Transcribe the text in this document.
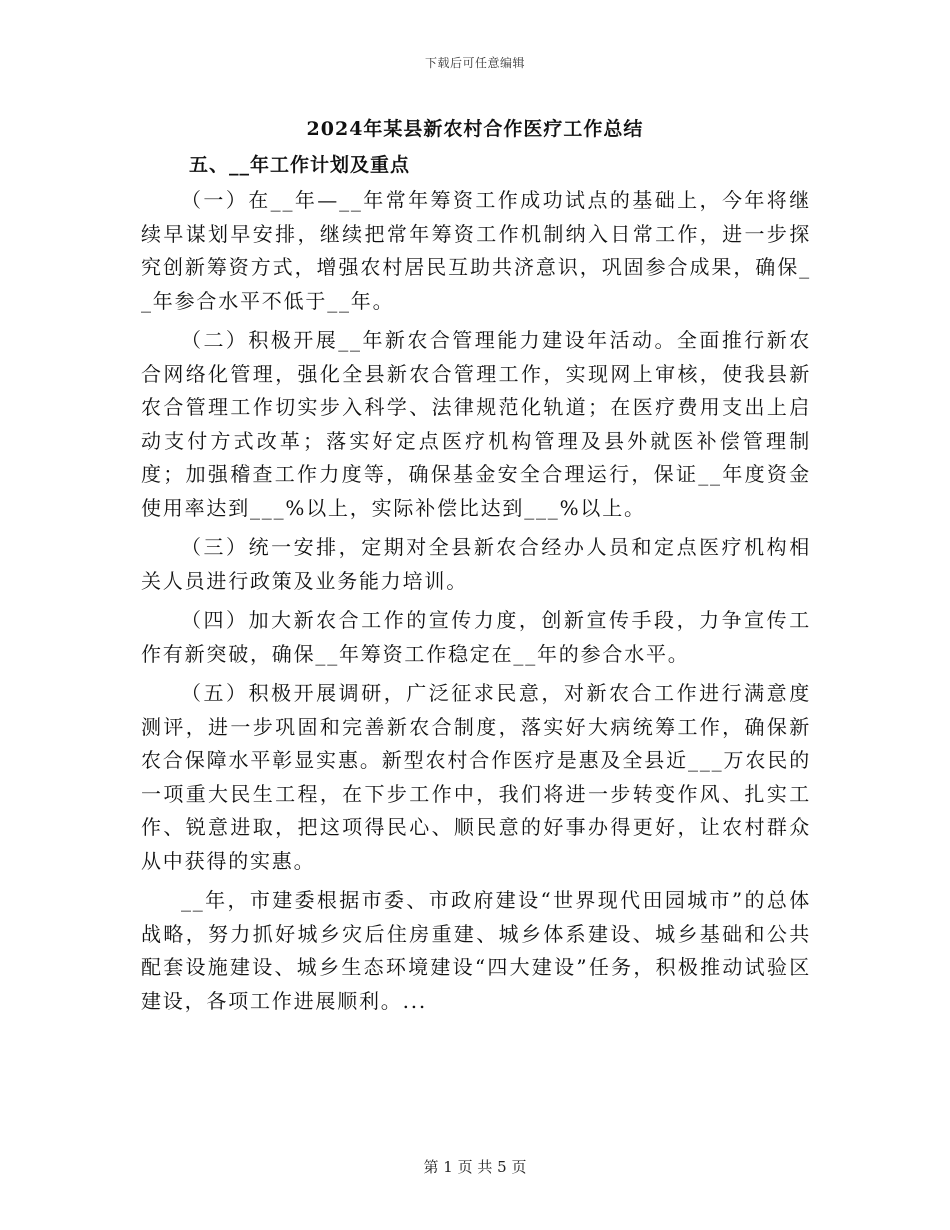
下载后可任意编辑
2024年某县新农村合作医疗工作总结
五、__年工作计划及重点

（一）在__年—__年常年筹资工作成功试点的基础上，今年将继续早谋划早安排，继续把常年筹资工作机制纳入日常工作，进一步探究创新筹资方式，增强农村居民互助共济意识，巩固参合成果，确保__年参合水平不低于__年。

（二）积极开展__年新农合管理能力建设年活动。全面推行新农合网络化管理，强化全县新农合管理工作，实现网上审核，使我县新农合管理工作切实步入科学、法律规范化轨道；在医疗费用支出上启动支付方式改革；落实好定点医疗机构管理及县外就医补偿管理制度；加强稽查工作力度等，确保基金安全合理运行，保证__年度资金使用率达到___%以上，实际补偿比达到___%以上。

（三）统一安排，定期对全县新农合经办人员和定点医疗机构相关人员进行政策及业务能力培训。

（四）加大新农合工作的宣传力度，创新宣传手段，力争宣传工作有新突破，确保__年筹资工作稳定在__年的参合水平。

（五）积极开展调研，广泛征求民意，对新农合工作进行满意度测评，进一步巩固和完善新农合制度，落实好大病统筹工作，确保新农合保障水平彰显实惠。新型农村合作医疗是惠及全县近___万农民的一项重大民生工程，在下步工作中，我们将进一步转变作风、扎实工作、锐意进取，把这项得民心、顺民意的好事办得更好，让农村群众从中获得的实惠。

__年，市建委根据市委、市政府建设“世界现代田园城市”的总体战略，努力抓好城乡灾后住房重建、城乡体系建设、城乡基础和公共配套设施建设、城乡生态环境建设“四大建设”任务，积极推动试验区建设，各项工作进展顺利。...

第 1 页 共 5 页
